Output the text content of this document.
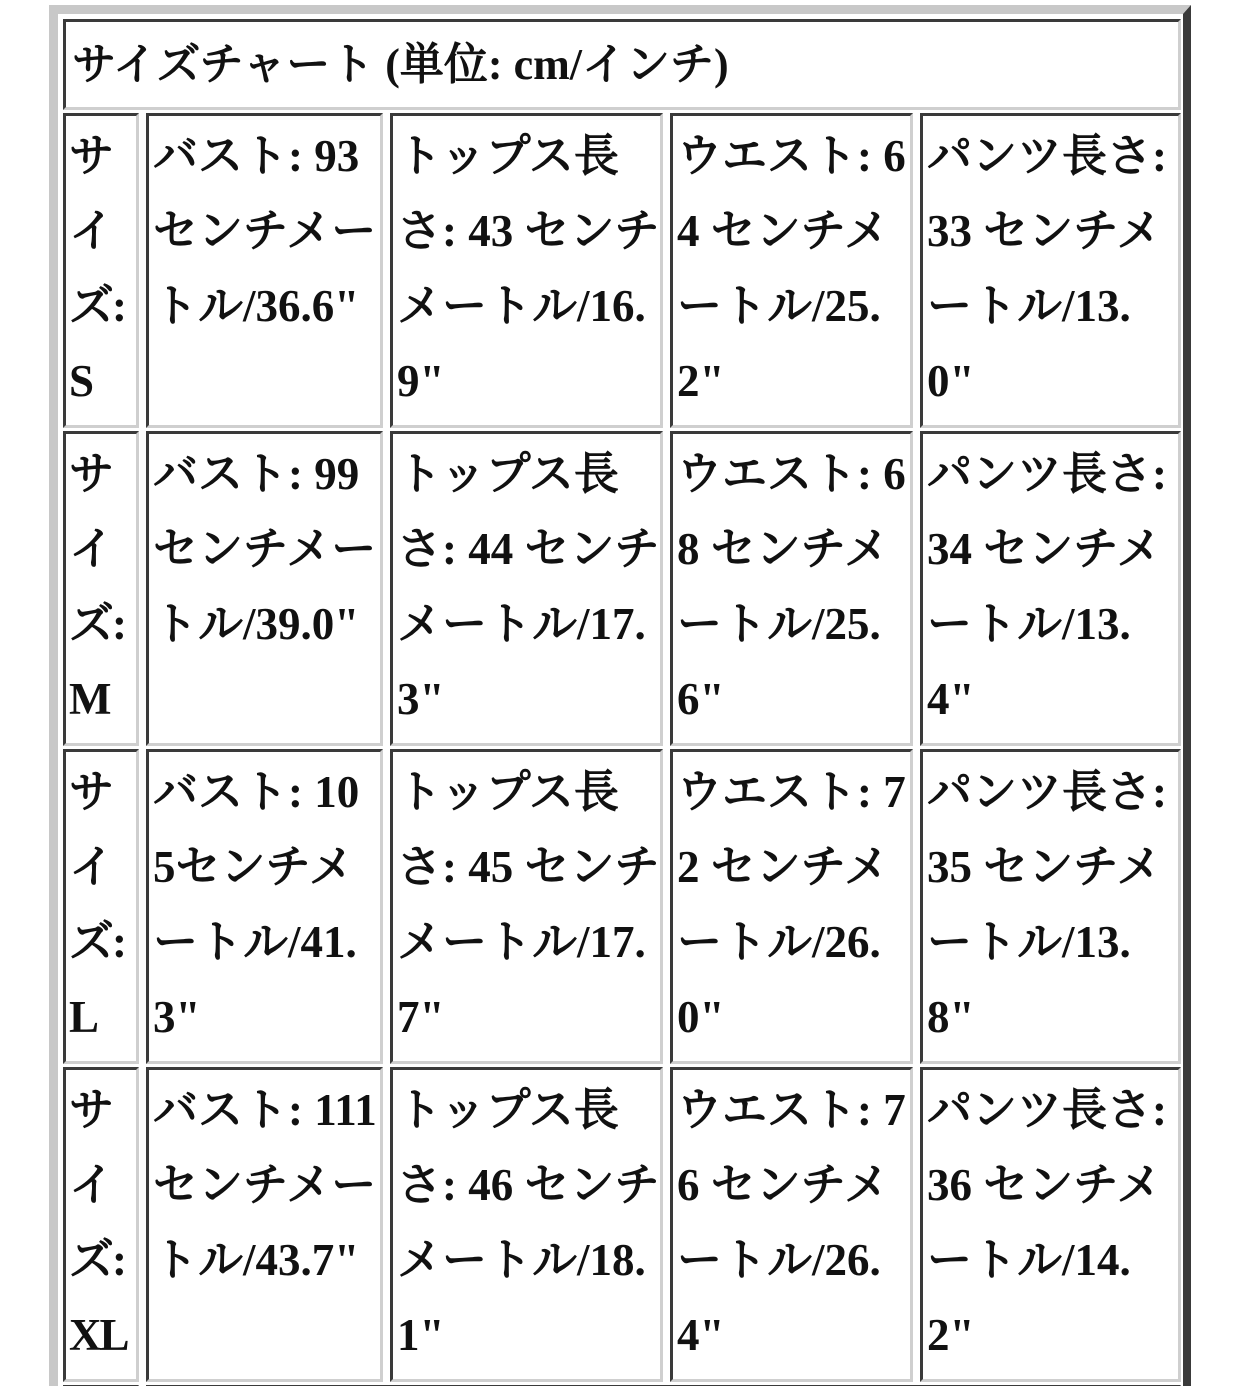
サイズチャート (単位: cm/インチ)
サイズ: S
バスト: 93 センチメートル/36.6"
トップス長さ: 43 センチメートル/16.9"
ウエスト: 64 センチメートル/25.2"
パンツ長さ: 33 センチメートル/13.0"
サイズ: M
バスト: 99 センチメートル/39.0"
トップス長さ: 44 センチメートル/17.3"
ウエスト: 68 センチメートル/25.6"
パンツ長さ: 34 センチメートル/13.4"
サイズ: L
バスト: 105センチメートル/41.3"
トップス長さ: 45 センチメートル/17.7"
ウエスト: 72 センチメートル/26.0"
パンツ長さ: 35 センチメートル/13.8"
サイズ: XL
バスト: 111 センチメートル/43.7"
トップス長さ: 46 センチメートル/18.1"
ウエスト: 76 センチメートル/26.4"
パンツ長さ: 36 センチメートル/14.2"
